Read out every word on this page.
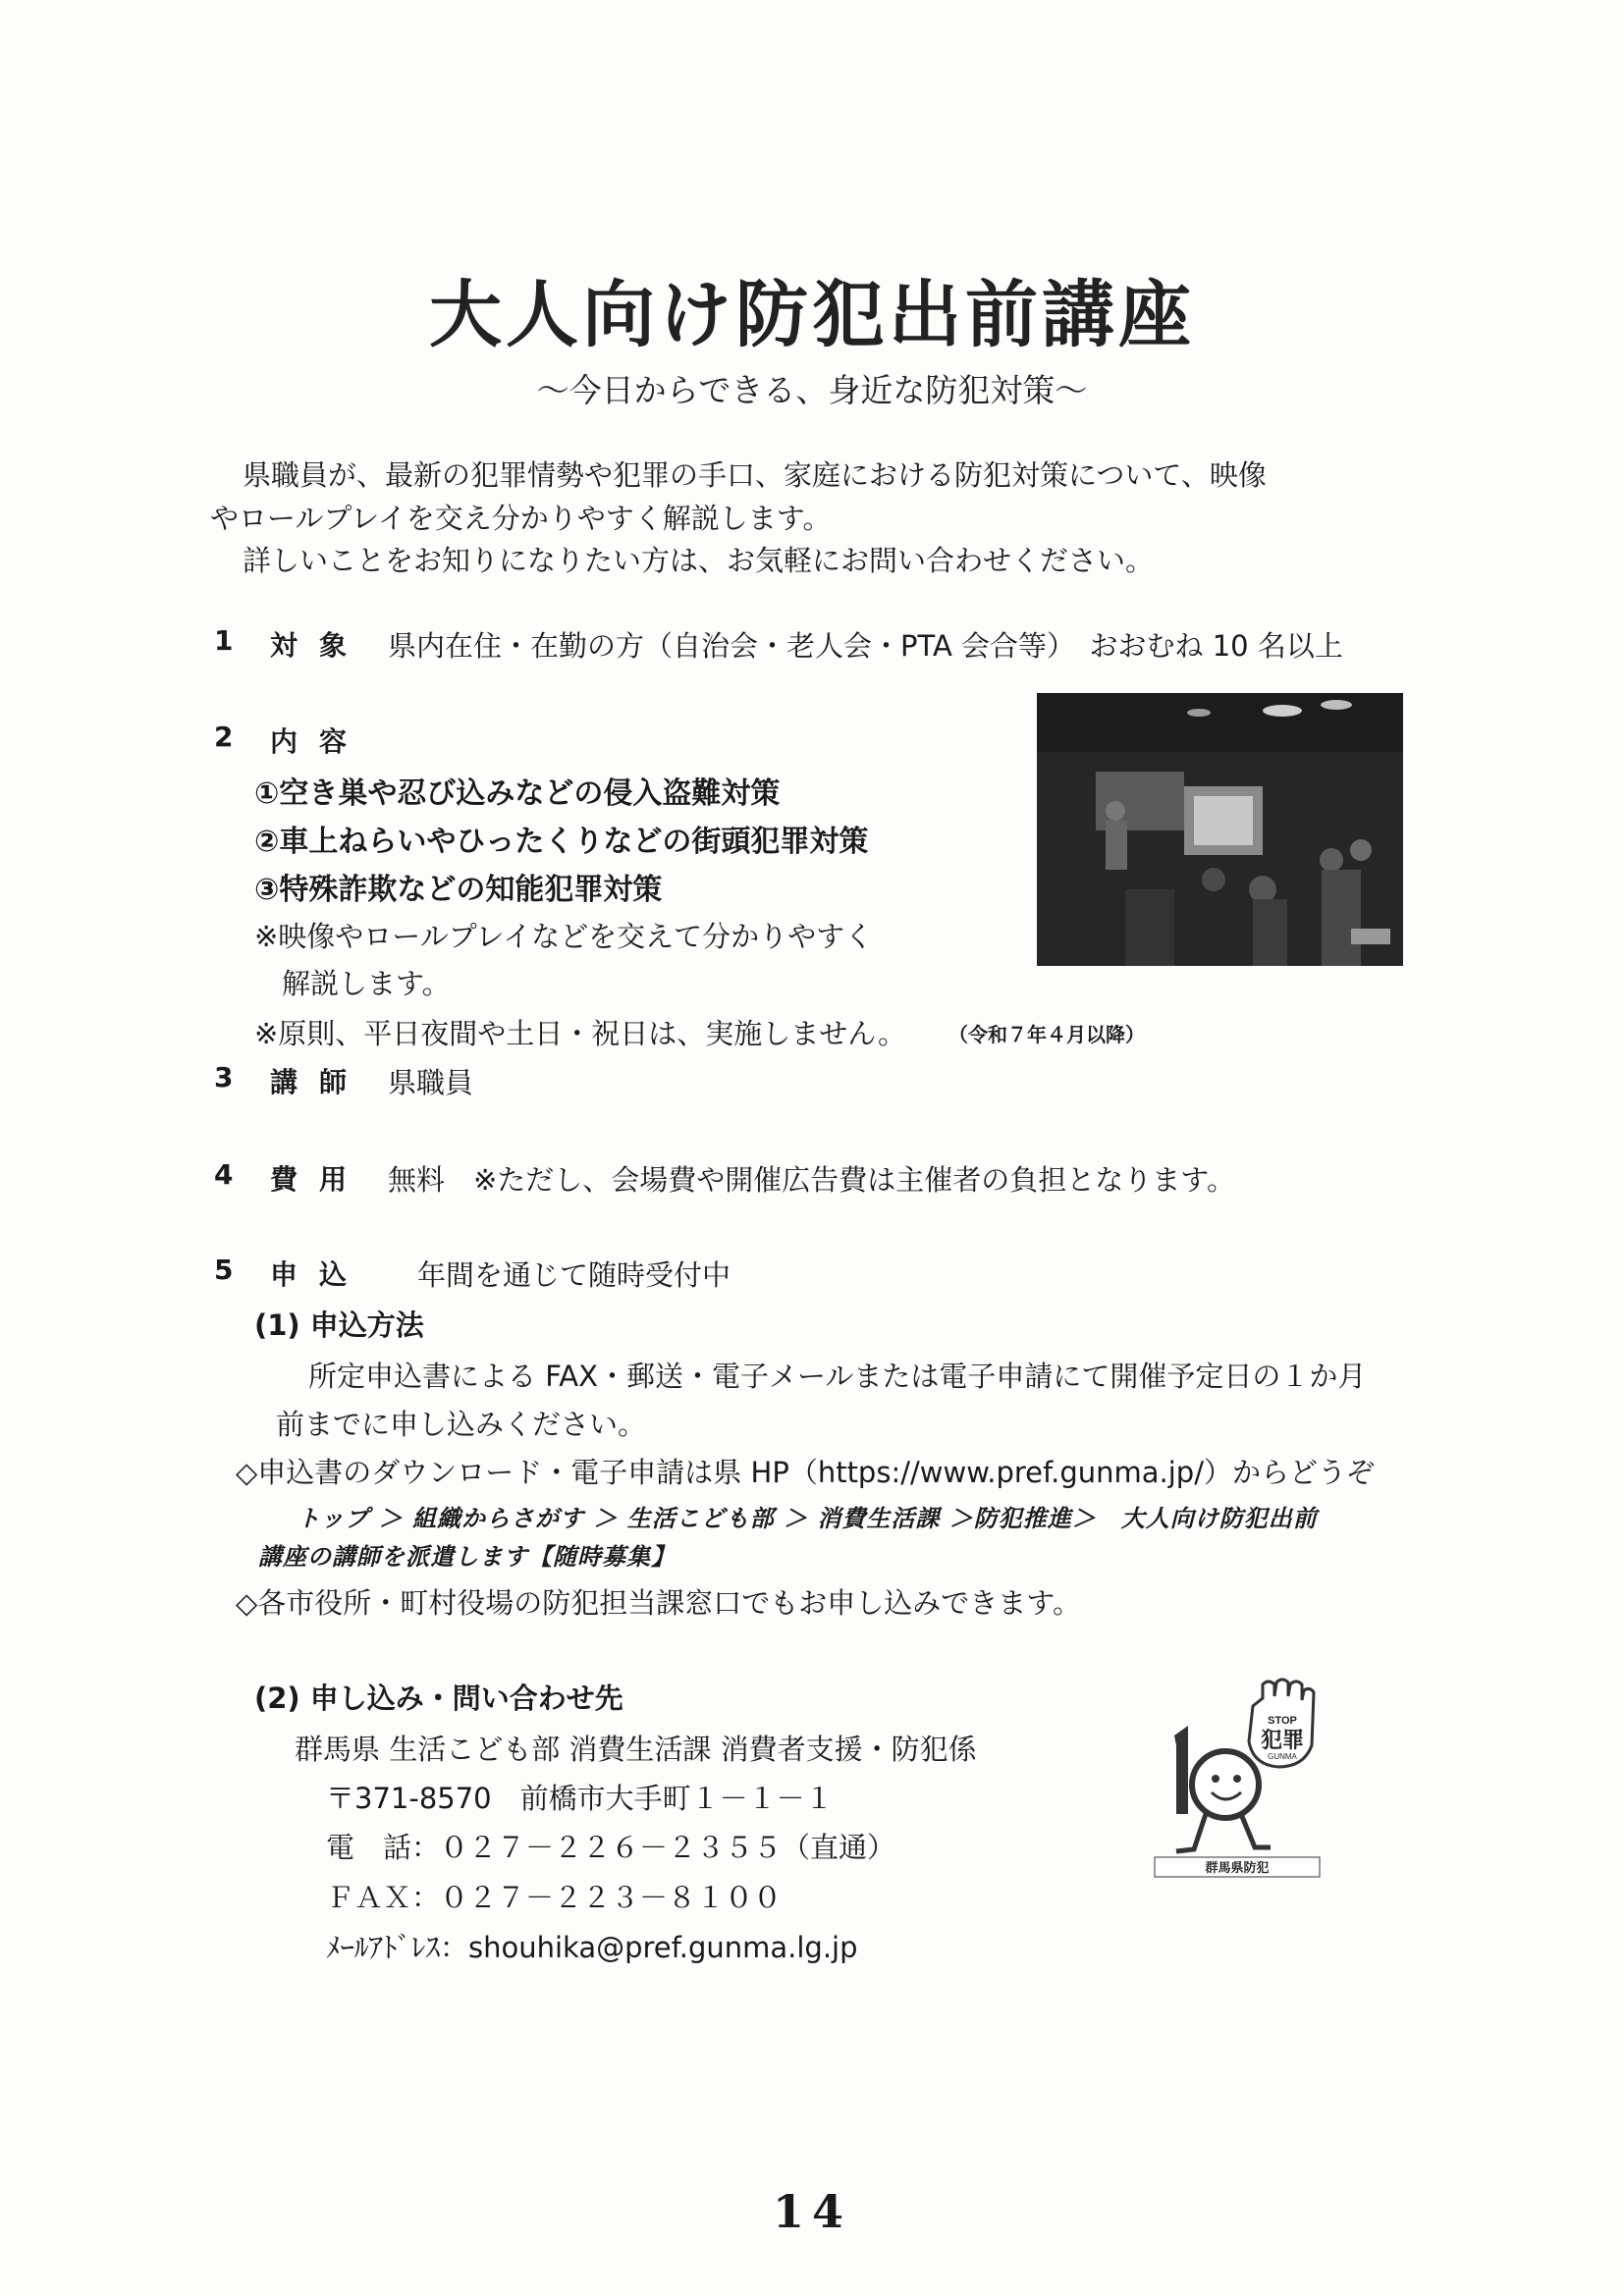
大人向け防犯出前講座
～今日からできる、身近な防犯対策～
県職員が、最新の犯罪情勢や犯罪の手口、家庭における防犯対策について、映像
やロールプレイを交え分かりやすく解説します。
詳しいことをお知りになりたい方は、お気軽にお問い合わせください。
1 対象 県内在住・在勤の方（自治会・老人会・PTA 会合等）　おおむね 10 名以上
2 内容
①空き巣や忍び込みなどの侵入盗難対策
②車上ねらいやひったくりなどの街頭犯罪対策
③特殊詐欺などの知能犯罪対策
※映像やロールプレイなどを交えて分かりやすく
解説します。
※原則、平日夜間や土日・祝日は、実施しません。 （令和７年４月以降）
3 講師 県職員
4 費用 無料　※ただし、会場費や開催広告費は主催者の負担となります。
5 申込 年間を通じて随時受付中
(1) 申込方法
所定申込書による FAX・郵送・電子メールまたは電子申請にて開催予定日の１か月
前までに申し込みください。
◇申込書のダウンロード・電子申請は県 HP（https://www.pref.gunma.jp/）からどうぞ
トップ ＞ 組織からさがす ＞ 生活こども部 ＞ 消費生活課 ＞防犯推進＞　大人向け防犯出前
講座の講師を派遣します【随時募集】
◇各市役所・町村役場の防犯担当課窓口でもお申し込みできます。
(2) 申し込み・問い合わせ先
群馬県 生活こども部 消費生活課 消費者支援・防犯係
〒371-8570　前橋市大手町１－１－１
電　話：０２７－２２６－２３５５（直通）
ＦＡＸ：０２７－２２３－８１００
ﾒｰﾙｱﾄﾞﾚｽ：shouhika@pref.gunma.lg.jp
STOP
犯罪
GUNMA
群馬県防犯
14
